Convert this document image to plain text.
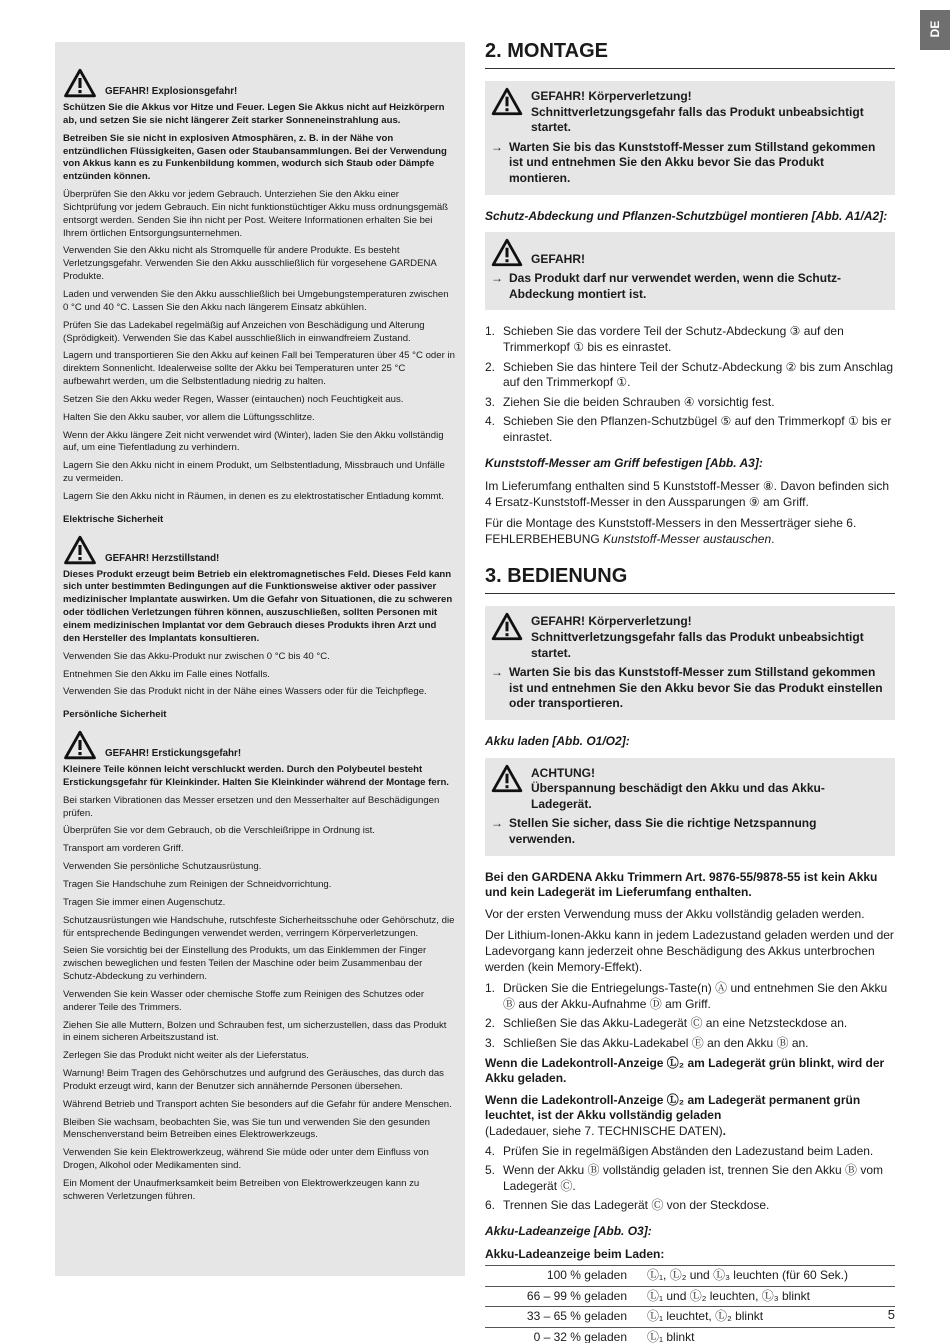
DE
GEFAHR! Explosionsgefahr!

Schützen Sie die Akkus vor Hitze und Feuer. Legen Sie Akkus nicht auf Heizkörpern ab, und setzen Sie sie nicht längerer Zeit starker Sonneneinstrahlung aus.

Betreiben Sie sie nicht in explosiven Atmosphären, z. B. in der Nähe von entzündlichen Flüssigkeiten, Gasen oder Staubansammlungen. Bei der Verwendung von Akkus kann es zu Funkenbildung kommen, wodurch sich Staub oder Dämpfe entzünden können.

Überprüfen Sie den Akku vor jedem Gebrauch. Unterziehen Sie den Akku einer Sichtprüfung vor jedem Gebrauch. Ein nicht funktionstüchtiger Akku muss ordnungsgemäß entsorgt werden. Senden Sie ihn nicht per Post. Weitere Informationen erhalten Sie bei Ihrem örtlichen Entsorgungsunternehmen.

Verwenden Sie den Akku nicht als Stromquelle für andere Produkte. Es besteht Verletzungsgefahr. Verwenden Sie den Akku ausschließlich für vorgesehene GARDENA Produkte.

Laden und verwenden Sie den Akku ausschließlich bei Umgebungstemperaturen zwischen 0 °C und 40 °C. Lassen Sie den Akku nach längerem Einsatz abkühlen.

Prüfen Sie das Ladekabel regelmäßig auf Anzeichen von Beschädigung und Alterung (Sprödigkeit). Verwenden Sie das Kabel ausschließlich in einwandfreiem Zustand.

Lagern und transportieren Sie den Akku auf keinen Fall bei Temperaturen über 45 °C oder in direktem Sonnenlicht. Idealerweise sollte der Akku bei Temperaturen unter 25 °C aufbewahrt werden, um die Selbstentladung niedrig zu halten.

Setzen Sie den Akku weder Regen, Wasser (eintauchen) noch Feuchtigkeit aus.

Halten Sie den Akku sauber, vor allem die Lüftungsschlitze.

Wenn der Akku längere Zeit nicht verwendet wird (Winter), laden Sie den Akku vollständig auf, um eine Tiefentladung zu verhindern.

Lagern Sie den Akku nicht in einem Produkt, um Selbstentladung, Missbrauch und Unfälle zu vermeiden.

Lagern Sie den Akku nicht in Räumen, in denen es zu elektrostatischer Entladung kommt.

Elektrische Sicherheit
GEFAHR! Herzstillstand!

Dieses Produkt erzeugt beim Betrieb ein elektromagnetisches Feld. Dieses Feld kann sich unter bestimmten Bedingungen auf die Funktionsweise aktiver oder passiver medizinischer Implantate auswirken. Um die Gefahr von Situationen, die zu schweren oder tödlichen Verletzungen führen können, auszuschließen, sollten Personen mit einem medizinischen Implantat vor dem Gebrauch dieses Produkts ihren Arzt und den Hersteller des Implantats konsultieren.

Verwenden Sie das Akku-Produkt nur zwischen 0 °C bis 40 °C.

Entnehmen Sie den Akku im Falle eines Notfalls.

Verwenden Sie das Produkt nicht in der Nähe eines Wassers oder für die Teichpflege.

Persönliche Sicherheit
GEFAHR! Erstickungsgefahr!

Kleinere Teile können leicht verschluckt werden. Durch den Polybeutel besteht Erstickungsgefahr für Kleinkinder. Halten Sie Kleinkinder während der Montage fern.

Bei starken Vibrationen das Messer ersetzen und den Messerhalter auf Beschädigungen prüfen.

Überprüfen Sie vor dem Gebrauch, ob die Verschleißrippe in Ordnung ist.

Transport am vorderen Griff.

Verwenden Sie persönliche Schutzausrüstung.

Tragen Sie Handschuhe zum Reinigen der Schneidvorrichtung.

Tragen Sie immer einen Augenschutz.

Schutzausrüstungen wie Handschuhe, rutschfeste Sicherheitsschuhe oder Gehörschutz, die für entsprechende Bedingungen verwendet werden, verringern Körperverletzungen.

Seien Sie vorsichtig bei der Einstellung des Produkts, um das Einklemmen der Finger zwischen beweglichen und festen Teilen der Maschine oder beim Zusammenbau der Schutz-Abdeckung zu verhindern.

Verwenden Sie kein Wasser oder chemische Stoffe zum Reinigen des Schutzes oder anderer Teile des Trimmers.

Ziehen Sie alle Muttern, Bolzen und Schrauben fest, um sicherzustellen, dass das Produkt in einem sicheren Arbeitszustand ist.

Zerlegen Sie das Produkt nicht weiter als der Lieferstatus.

Warnung! Beim Tragen des Gehörschutzes und aufgrund des Geräusches, das durch das Produkt erzeugt wird, kann der Benutzer sich annähernde Personen übersehen.

Während Betrieb und Transport achten Sie besonders auf die Gefahr für andere Menschen.

Bleiben Sie wachsam, beobachten Sie, was Sie tun und verwenden Sie den gesunden Menschenverstand beim Betreiben eines Elektrowerkzeugs.

Verwenden Sie kein Elektrowerkzeug, während Sie müde oder unter dem Einfluss von Drogen, Alkohol oder Medikamenten sind.

Ein Moment der Unaufmerksamkeit beim Betreiben von Elektrowerkzeugen kann zu schweren Verletzungen führen.

2. MONTAGE
GEFAHR! Körperverletzung!
Schnittverletzungsgefahr falls das Produkt unbeabsichtigt startet.
→ Warten Sie bis das Kunststoff-Messer zum Stillstand gekommen ist und entnehmen Sie den Akku bevor Sie das Produkt montieren.
Schutz-Abdeckung und Pflanzen-Schutzbügel montieren [Abb. A1/A2]:
GEFAHR!
→ Das Produkt darf nur verwendet werden, wenn die Schutz-Abdeckung montiert ist.
1. Schieben Sie das vordere Teil der Schutz-Abdeckung ③ auf den Trimmerkopf ① bis es einrastet.
2. Schieben Sie das hintere Teil der Schutz-Abdeckung ② bis zum Anschlag auf den Trimmerkopf ①.
3. Ziehen Sie die beiden Schrauben ④ vorsichtig fest.
4. Schieben Sie den Pflanzen-Schutzbügel ⑤ auf den Trimmerkopf ① bis er einrastet.
Kunststoff-Messer am Griff befestigen [Abb. A3]:

Im Lieferumfang enthalten sind 5 Kunststoff-Messer ⑧. Davon befinden sich 4 Ersatz-Kunststoff-Messer in den Aussparungen ⑨ am Griff.

Für die Montage des Kunststoff-Messers in den Messerträger siehe 6. FEHLERBEHEBUNG Kunststoff-Messer austauschen.

3. BEDIENUNG
GEFAHR! Körperverletzung!
Schnittverletzungsgefahr falls das Produkt unbeabsichtigt startet.
→ Warten Sie bis das Kunststoff-Messer zum Stillstand gekommen ist und entnehmen Sie den Akku bevor Sie das Produkt einstellen oder transportieren.
Akku laden [Abb. O1/O2]:
ACHTUNG!
Überspannung beschädigt den Akku und das Akku-Ladegerät.
→ Stellen Sie sicher, dass Sie die richtige Netzspannung verwenden.

Bei den GARDENA Akku Trimmern Art. 9876-55/9878-55 ist kein Akku und kein Ladegerät im Lieferumfang enthalten.

Vor der ersten Verwendung muss der Akku vollständig geladen werden.

Der Lithium-Ionen-Akku kann in jedem Ladezustand geladen werden und der Ladevorgang kann jederzeit ohne Beschädigung des Akkus unterbrochen werden (kein Memory-Effekt).

1. Drücken Sie die Entriegelungs-Taste(n) Ⓐ und entnehmen Sie den Akku Ⓑ aus der Akku-Aufnahme Ⓓ am Griff.
2. Schließen Sie das Akku-Ladegerät Ⓒ an eine Netzsteckdose an.
3. Schließen Sie das Akku-Ladekabel Ⓔ an den Akku Ⓑ an.

Wenn die Ladekontroll-Anzeige Ⓛ₂ am Ladegerät grün blinkt, wird der Akku geladen.

Wenn die Ladekontroll-Anzeige Ⓛ₂ am Ladegerät permanent grün leuchtet, ist der Akku vollständig geladen
(Ladedauer, siehe 7. TECHNISCHE DATEN).

4. Prüfen Sie in regelmäßigen Abständen den Ladezustand beim Laden.
5. Wenn der Akku Ⓑ vollständig geladen ist, trennen Sie den Akku Ⓑ vom Ladegerät Ⓒ.
6. Trennen Sie das Ladegerät Ⓒ von der Steckdose.
Akku-Ladeanzeige [Abb. O3]:
Akku-Ladeanzeige beim Laden:
100 % geladen	Ⓛ₁, Ⓛ₂ und Ⓛ₃ leuchten (für 60 Sek.)
66 – 99 % geladen	Ⓛ₁ und Ⓛ₂ leuchten, Ⓛ₃ blinkt
33 – 65 % geladen	Ⓛ₁ leuchtet, Ⓛ₂ blinkt
0 – 32 % geladen	Ⓛ₁ blinkt
5
